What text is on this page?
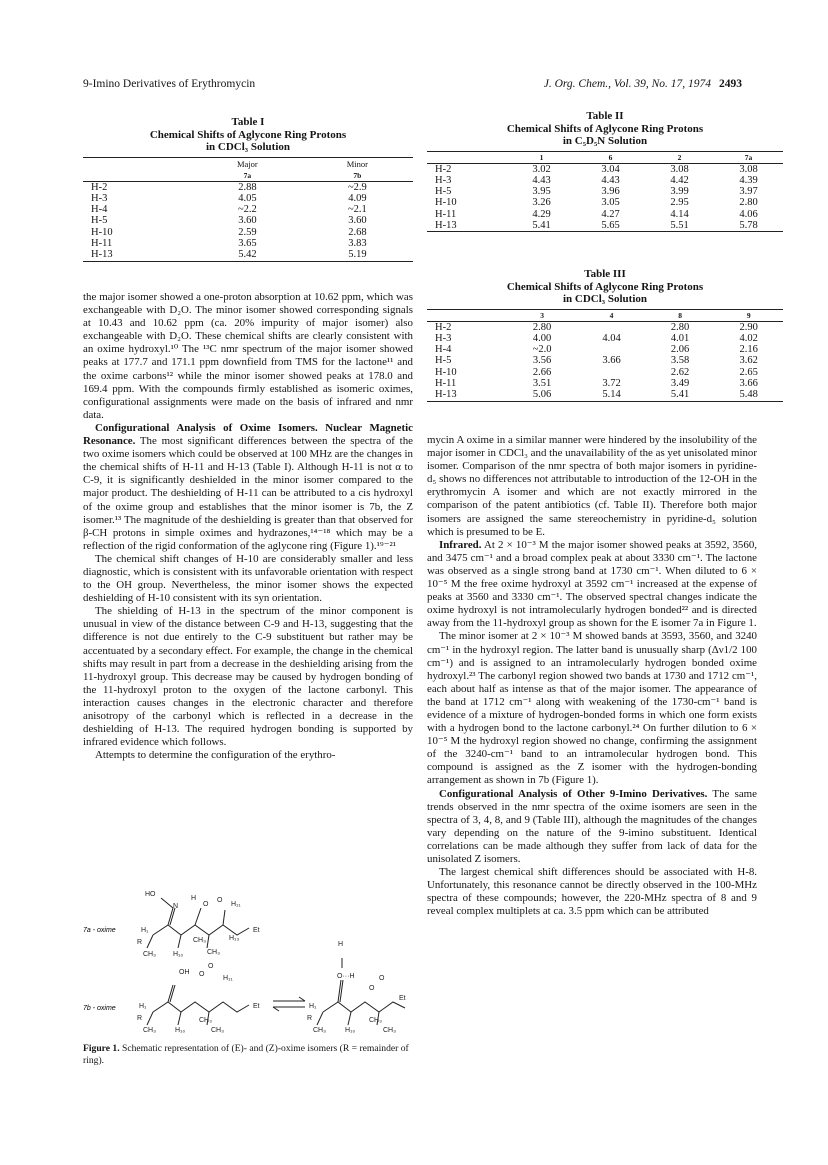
9-Imino Derivatives of Erythromycin	J. Org. Chem., Vol. 39, No. 17, 1974 2493
Table I
Chemical Shifts of Aglycone Ring Protons
in CDCl₃ Solution
	Major	Minor
	7a	7b
H-2	2.88	~2.9
H-3	4.05	4.09
H-4	~2.2	~2.1
H-5	3.60	3.60
H-10	2.59	2.68
H-11	3.65	3.83
H-13	5.42	5.19
Table II
Chemical Shifts of Aglycone Ring Protons
in C₅D₅N Solution
	1	6	2	7a
H-2	3.02	3.04	3.08	3.08
H-3	4.43	4.43	4.42	4.39
H-5	3.95	3.96	3.99	3.97
H-10	3.26	3.05	2.95	2.80
H-11	4.29	4.27	4.14	4.06
H-13	5.41	5.65	5.51	5.78
Table III
Chemical Shifts of Aglycone Ring Protons
in CDCl₃ Solution
	3	4	8	9
H-2	2.80		2.80	2.90
H-3	4.00	4.04	4.01	4.02
H-4	~2.0		2.06	2.16
H-5	3.56	3.66	3.58	3.62
H-10	2.66		2.62	2.65
H-11	3.51	3.72	3.49	3.66
H-13	5.06	5.14	5.41	5.48

the major isomer showed a one-proton absorption at 10.62 ppm, which was exchangeable with D₂O. The minor isomer showed corresponding signals at 10.43 and 10.62 ppm (ca. 20% impurity of major isomer) also exchangeable with D₂O. These chemical shifts are clearly consistent with an oxime hydroxyl.¹⁰ The ¹³C nmr spectrum of the major isomer showed peaks at 177.7 and 171.1 ppm downfield from TMS for the lactone¹¹ and the oxime carbons¹² while the minor isomer showed peaks at 178.0 and 169.4 ppm. With the compounds firmly established as isomeric oximes, configurational assignments were made on the basis of infrared and nmr data.

Configurational Analysis of Oxime Isomers. Nuclear Magnetic Resonance. The most significant differences between the spectra of the two oxime isomers which could be observed at 100 MHz are the changes in the chemical shifts of H-11 and H-13 (Table I). Although H-11 is not α to C-9, it is significantly deshielded in the minor isomer compared to the major product. The deshielding of H-11 can be attributed to a cis hydroxyl of the oxime group and establishes that the minor isomer is 7b, the Z isomer.¹³ The magnitude of the deshielding is greater than that observed for β-CH protons in simple oximes and hydrazones,¹⁴⁻¹⁸ which may be a reflection of the rigid conformation of the aglycone ring (Figure 1).¹⁹⁻²¹

The chemical shift changes of H-10 are considerably smaller and less diagnostic, which is consistent with its unfavorable orientation with respect to the OH group. Nevertheless, the minor isomer shows the expected deshielding of H-10 consistent with its syn orientation.

The shielding of H-13 in the spectrum of the minor component is unusual in view of the distance between C-9 and H-13, suggesting that the difference is not due entirely to the C-9 substituent but rather may be accentuated by a secondary effect. For example, the change in the chemical shifts may result in part from a decrease in the deshielding arising from the 11-hydroxyl group. This decrease may be caused by hydrogen bonding of the 11-hydroxyl proton to the oxygen of the lactone carbonyl. This interaction causes changes in the electronic character and therefore anisotropy of the carbonyl which is reflected in a decrease in the deshielding of H-13. The required hydrogen bonding is supported by infrared evidence which follows.

Attempts to determine the configuration of the erythro-

7a - oxime
HO
N
H
O
O
H₁₁
H₁
R
CH₃ H₁₀
CH₃
CH₃
H₁₃
Et
7b - oxime
OH O
O
H₁₁
H₁
R
CH₃	H₁₀
CH₃
CH₃
Et
H
O···H
O
O
H₁
R
CH₃	H₁₀
CH₃
CH₃
Et
Figure 1. Schematic representation of (E)- and (Z)-oxime isomers (R = remainder of ring).

mycin A oxime in a similar manner were hindered by the insolubility of the major isomer in CDCl₃ and the unavailability of the as yet unisolated minor isomer. Comparison of the nmr spectra of both major isomers in pyridine-d₅ shows no differences not attributable to introduction of the 12-OH in the erythromycin A isomer and which are not exactly mirrored in the comparison of the patent antibiotics (cf. Table II). Therefore both major isomers are assigned the same stereochemistry in pyridine-d₅ solution which is presumed to be E.

Infrared. At 2 × 10⁻³ M the major isomer showed peaks at 3592, 3560, and 3475 cm⁻¹ and a broad complex peak at about 3330 cm⁻¹. The lactone was observed as a single strong band at 1730 cm⁻¹. When diluted to 6 × 10⁻⁵ M the free oxime hydroxyl at 3592 cm⁻¹ increased at the expense of peaks at 3560 and 3330 cm⁻¹. The observed spectral changes indicate the oxime hydroxyl is not intramolecularly hydrogen bonded²² and is directed away from the 11-hydroxyl group as shown for the E isomer 7a in Figure 1.

The minor isomer at 2 × 10⁻³ M showed bands at 3593, 3560, and 3240 cm⁻¹ in the hydroxyl region. The latter band is unusually sharp (Δν1/2 100 cm⁻¹) and is assigned to an intramolecularly hydrogen bonded oxime hydroxyl.²³ The carbonyl region showed two bands at 1730 and 1712 cm⁻¹, each about half as intense as that of the major isomer. The appearance of the band at 1712 cm⁻¹ along with weakening of the 1730-cm⁻¹ band is evidence of a mixture of hydrogen-bonded forms in which one form exists with a hydrogen bond to the lactone carbonyl.²⁴ On further dilution to 6 × 10⁻⁵ M the hydroxyl region showed no change, confirming the assignment of the 3240-cm⁻¹ band to an intramolecular hydrogen bond. This compound is assigned as the Z isomer with the hydrogen-bonding arrangement as shown in 7b (Figure 1).

Configurational Analysis of Other 9-Imino Derivatives. The same trends observed in the nmr spectra of the oxime isomers are seen in the spectra of 3, 4, 8, and 9 (Table III), although the magnitudes of the changes vary depending on the nature of the 9-imino substituent. Identical correlations can be made although they suffer from lack of data for the unisolated Z isomers.

The largest chemical shift differences should be associated with H-8. Unfortunately, this resonance cannot be directly observed in the 100-MHz spectra of these compounds; however, the 220-MHz spectra of 8 and 9 reveal complex multiplets at ca. 3.5 ppm which can be attributed
